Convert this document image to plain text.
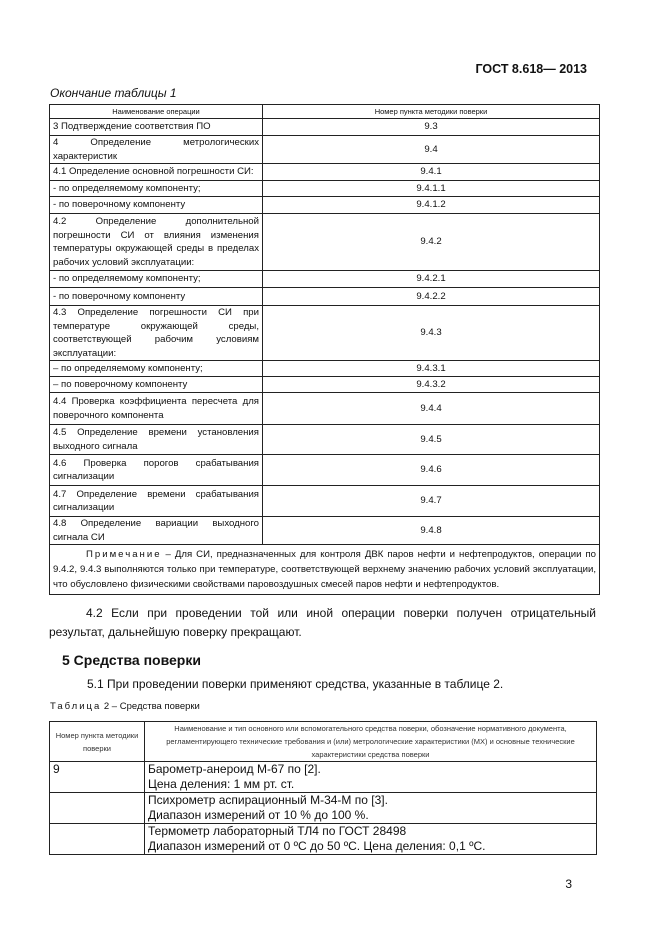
ГОСТ 8.618— 2013
Окончание таблицы 1
Наименование операции	Номер пункта методики поверки
3 Подтверждение соответствия ПО	9.3
4 Определение метрологических характеристик	9.4
4.1 Определение основной погрешности СИ:	9.4.1
- по определяемому компоненту;	9.4.1.1
- по поверочному компоненту	9.4.1.2
4.2 Определение дополнительной погрешности СИ от влияния изменения температуры окружающей среды в пределах рабочих условий эксплуатации:	9.4.2
- по определяемому компоненту;	9.4.2.1
- по поверочному компоненту	9.4.2.2
4.3 Определение погрешности СИ при температуре окружающей среды, соответствующей рабочим условиям эксплуатации:	9.4.3
– по определяемому компоненту;	9.4.3.1
– по поверочному компоненту	9.4.3.2
4.4 Проверка коэффициента пересчета для поверочного компонента	9.4.4
4.5 Определение времени установления выходного сигнала	9.4.5
4.6 Проверка порогов срабатывания сигнализации	9.4.6
4.7 Определение времени срабатывания сигнализации	9.4.7
4.8 Определение вариации выходного сигнала СИ	9.4.8
Примечание – Для СИ, предназначенных для контроля ДВК паров нефти и нефтепродуктов, операции по 9.4.2, 9.4.3 выполняются только при температуре, соответствующей верхнему значению рабочих условий эксплуатации, что обусловлено физическими свойствами паровоздушных смесей паров нефти и нефтепродуктов.	
4.2 Если при проведении той или иной операции поверки получен отрицательный результат, дальнейшую поверку прекращают.
5 Средства поверки
5.1 При проведении поверки применяют средства, указанные в таблице 2.
Таблица 2 – Средства поверки
Номер пункта методики поверки	Наименование и тип основного или вспомогательного средства поверки, обозначение нормативного документа, регламентирующего технические требования и (или) метрологические характеристики (МХ) и основные технические характеристики средства поверки
9	Барометр-анероид М-67 по [2].
Цена деления: 1 мм рт. ст.

	Психрометр аспирационный М-34-М по [3].
Диапазон измерений от 10 % до 100 %.

	Термометр лабораторный ТЛ4 по ГОСТ 28498
Диапазон измерений от 0 ºС до 50 ºС. Цена деления: 0,1 ºС.
3
